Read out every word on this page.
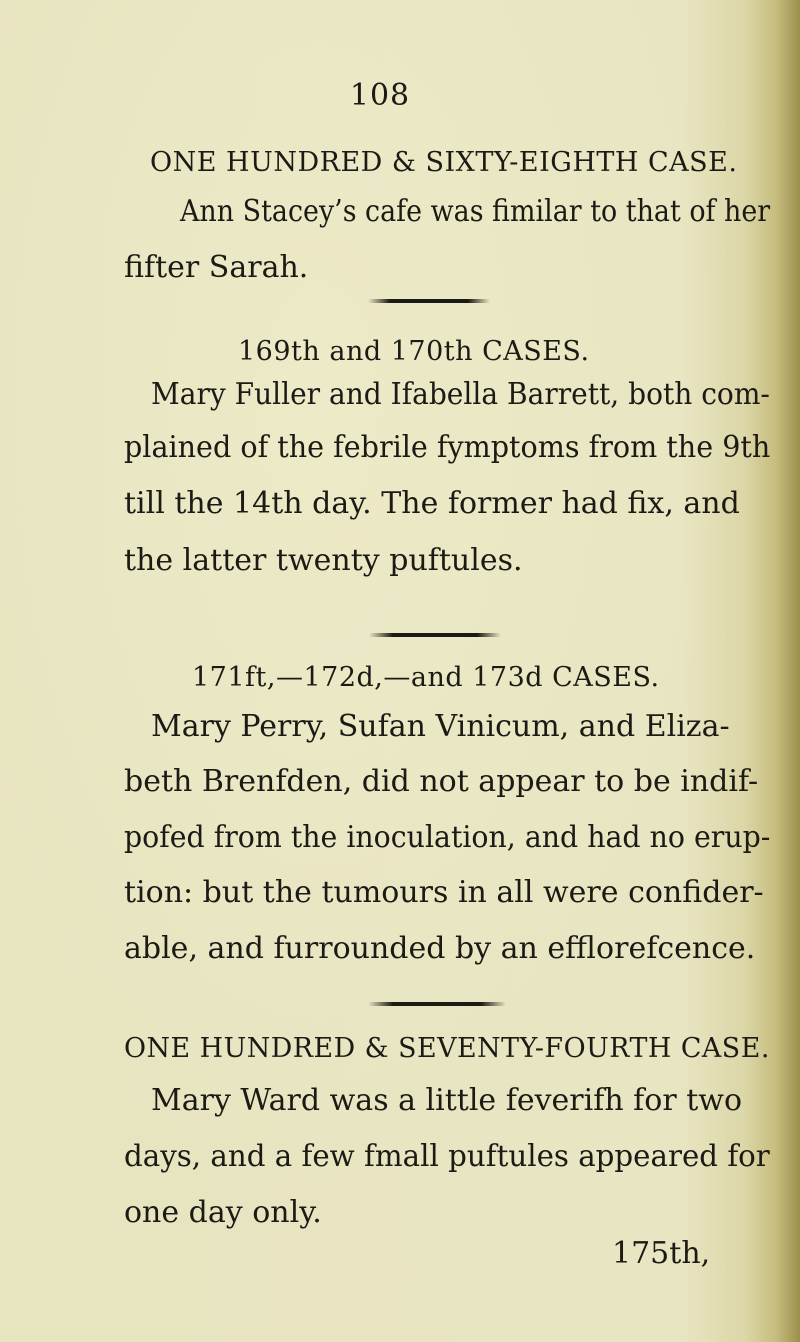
108
ONE HUNDRED & SIXTY-EIGHTH CASE.
Ann Stacey’s cafe was fimilar to that of her
fifter Sarah.
169th and 170th CASES.
Mary Fuller and Ifabella Barrett, both com-
plained of the febrile fymptoms from the 9th
till the 14th day. The former had fix, and
the latter twenty puftules.
171ft,—172d,—and 173d CASES.
Mary Perry, Sufan Vinicum, and Eliza-
beth Brenfden, did not appear to be indif-
pofed from the inoculation, and had no erup-
tion: but the tumours in all were confider-
able, and furrounded by an efflorefcence.
ONE HUNDRED & SEVENTY-FOURTH CASE.
Mary Ward was a little feverifh for two
days, and a few fmall puftules appeared for
one day only.
175th,
